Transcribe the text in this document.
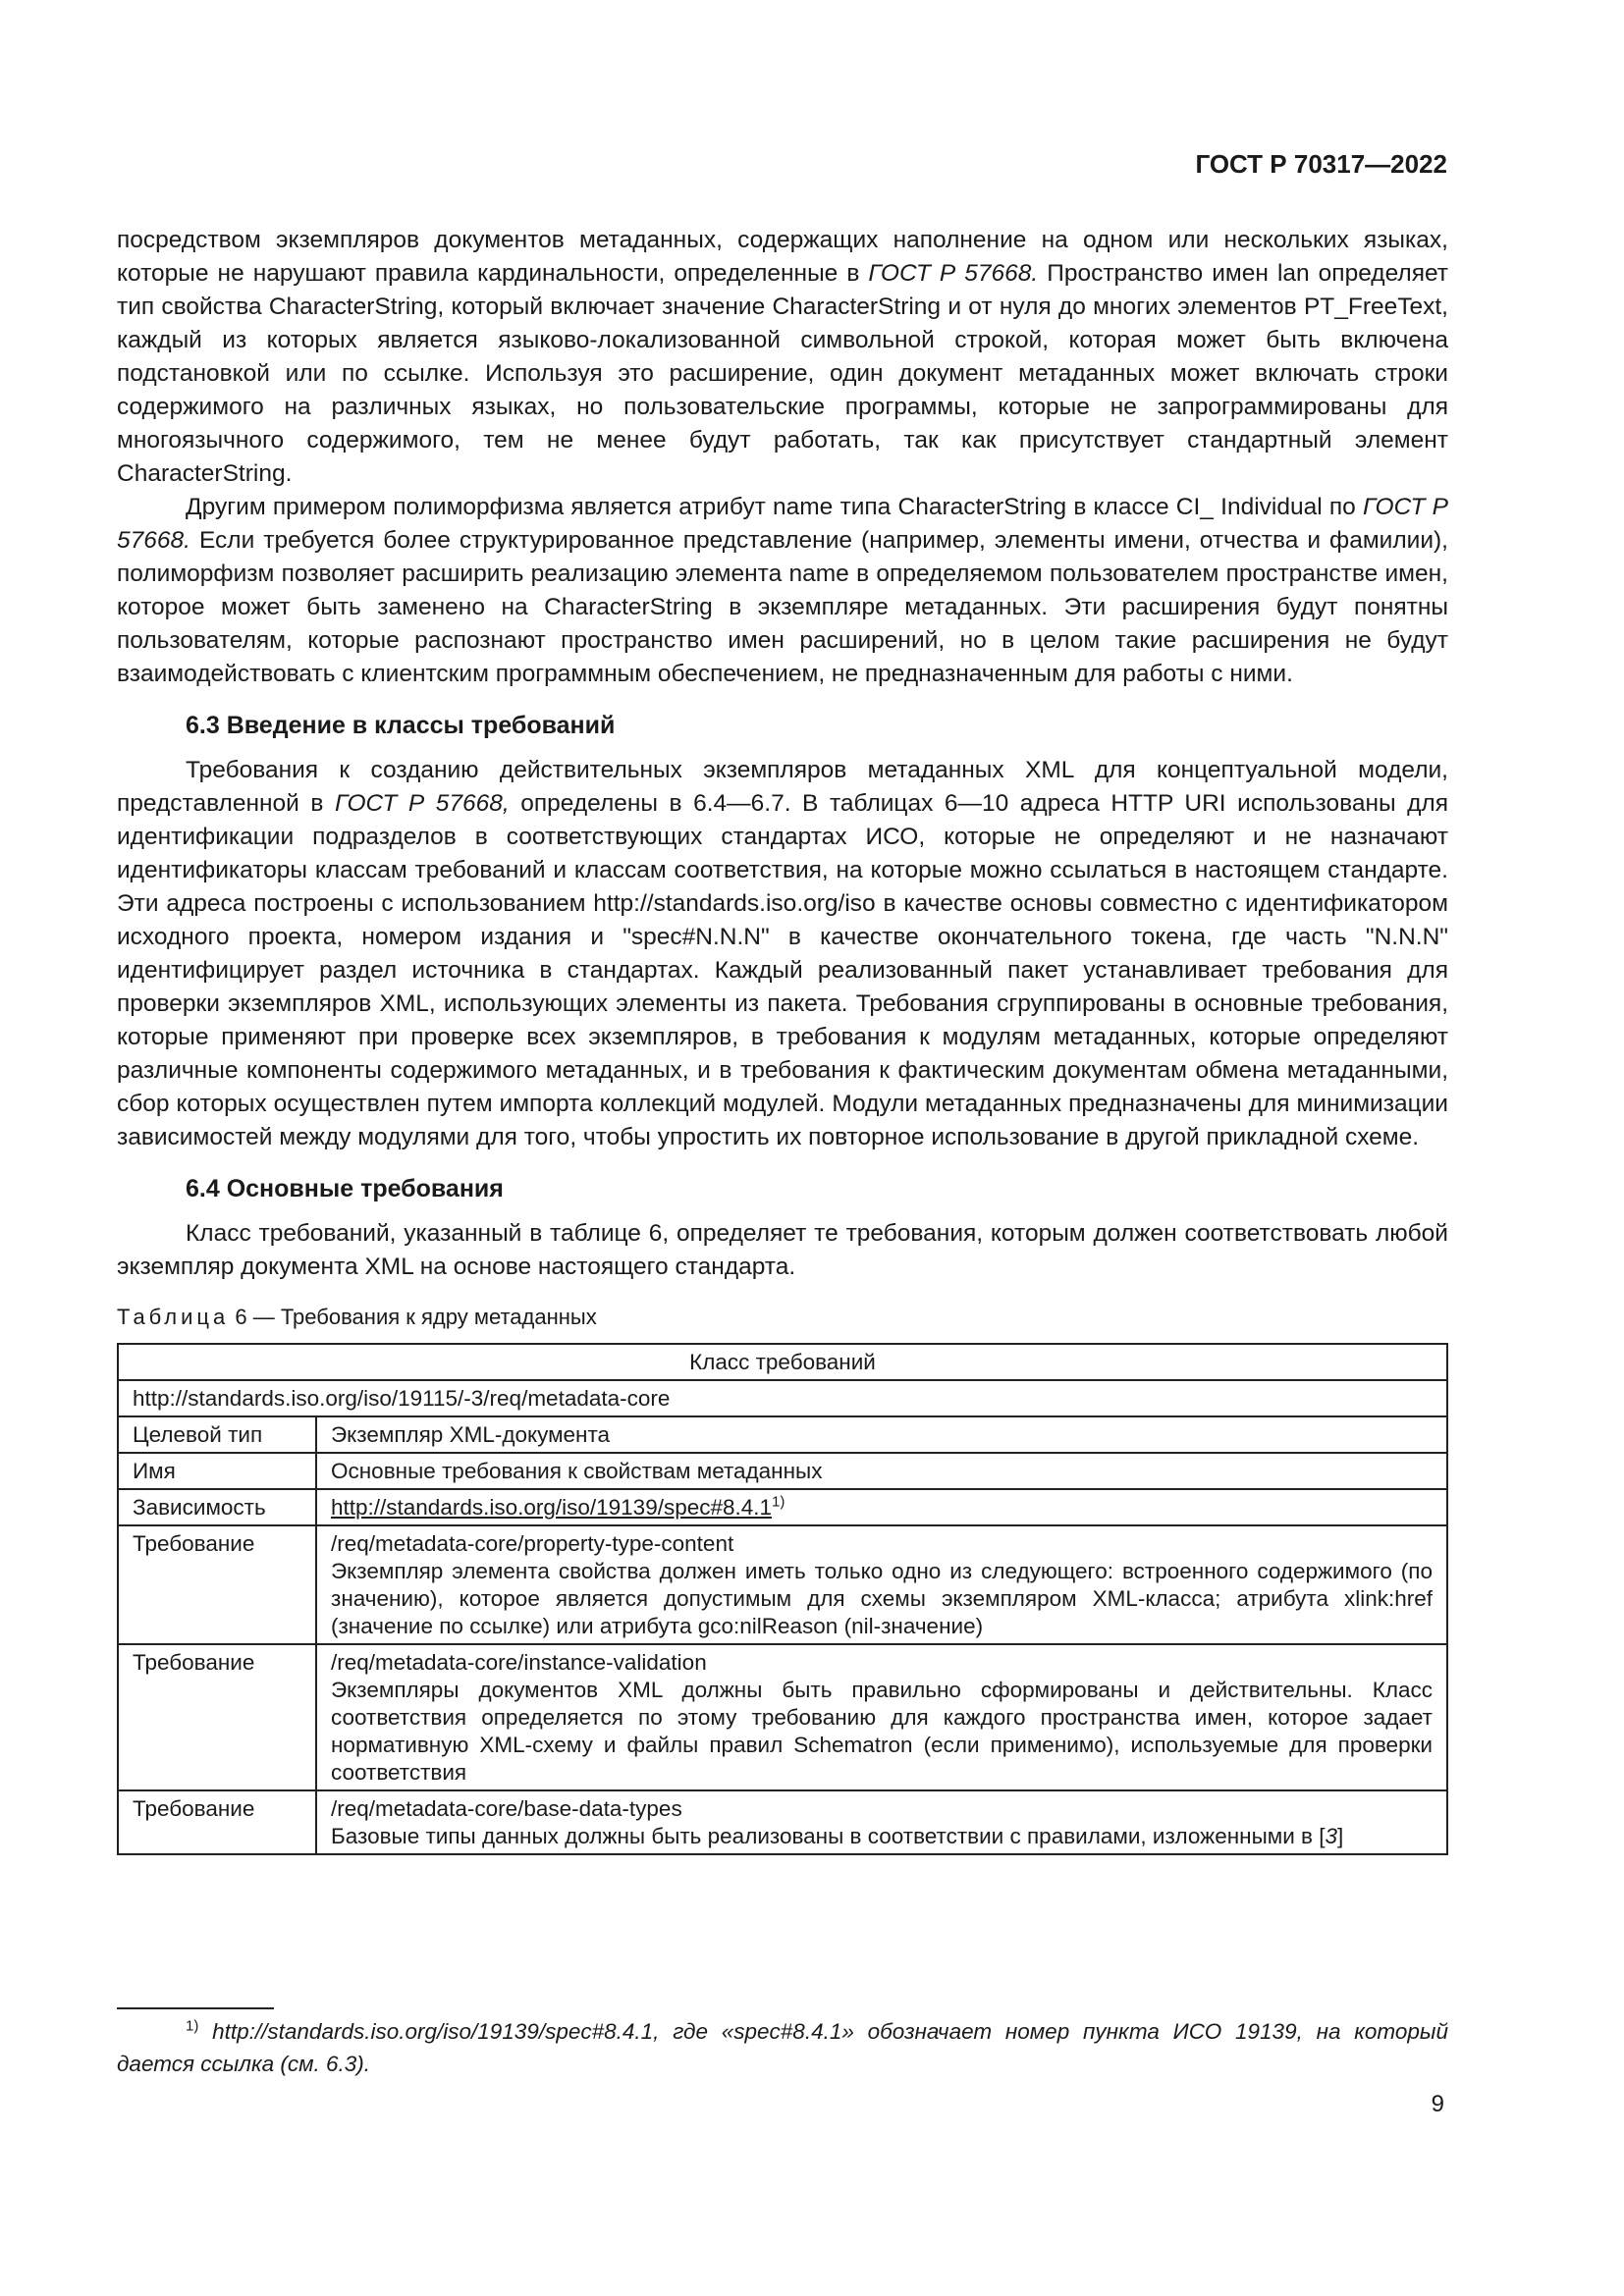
ГОСТ Р 70317—2022

посредством экземпляров документов метаданных, содержащих наполнение на одном или нескольких языках, которые не нарушают правила кардинальности, определенные в ГОСТ Р 57668. Пространство имен lan определяет тип свойства CharacterString, который включает значение CharacterString и от нуля до многих элементов PT_FreeText, каждый из которых является языково-локализованной символьной строкой, которая может быть включена подстановкой или по ссылке. Используя это расширение, один документ метаданных может включать строки содержимого на различных языках, но пользовательские программы, которые не запрограммированы для многоязычного содержимого, тем не менее будут работать, так как присутствует стандартный элемент CharacterString.

Другим примером полиморфизма является атрибут name типа CharacterString в классе CI_ Individual по ГОСТ Р 57668. Если требуется более структурированное представление (например, элементы имени, отчества и фамилии), полиморфизм позволяет расширить реализацию элемента name в определяемом пользователем пространстве имен, которое может быть заменено на CharacterString в экземпляре метаданных. Эти расширения будут понятны пользователям, которые распознают пространство имен расширений, но в целом такие расширения не будут взаимодействовать с клиентским программным обеспечением, не предназначенным для работы с ними.

6.3 Введение в классы требований

Требования к созданию действительных экземпляров метаданных XML для концептуальной модели, представленной в ГОСТ Р 57668, определены в 6.4—6.7. В таблицах 6—10 адреса HTTP URI использованы для идентификации подразделов в соответствующих стандартах ИСО, которые не определяют и не назначают идентификаторы классам требований и классам соответствия, на которые можно ссылаться в настоящем стандарте. Эти адреса построены с использованием http://standards.iso.org/iso в качестве основы совместно с идентификатором исходного проекта, номером издания и "spec#N.N.N" в качестве окончательного токена, где часть "N.N.N" идентифицирует раздел источника в стандартах. Каждый реализованный пакет устанавливает требования для проверки экземпляров XML, использующих элементы из пакета. Требования сгруппированы в основные требования, которые применяют при проверке всех экземпляров, в требования к модулям метаданных, которые определяют различные компоненты содержимого метаданных, и в требования к фактическим документам обмена метаданными, сбор которых осуществлен путем импорта коллекций модулей. Модули метаданных предназначены для минимизации зависимостей между модулями для того, чтобы упростить их повторное использование в другой прикладной схеме.

6.4 Основные требования

Класс требований, указанный в таблице 6, определяет те требования, которым должен соответствовать любой экземпляр документа XML на основе настоящего стандарта.

Таблица 6 — Требования к ядру метаданных

Класс требований	
http://standards.iso.org/iso/19115/-3/req/metadata-core	
Целевой тип	Экземпляр XML-документа
Имя	Основные требования к свойствам метаданных
Зависимость	http://standards.iso.org/iso/19139/spec#8.4.1$^{1)}$
Требование	/req/metadata-core/property-type-content
Экземпляр элемента свойства должен иметь только одно из следующего: встроенного содержимого (по значению), которое является допустимым для схемы экземпляром XML-класса; атрибута xlink:href (значение по ссылке) или атрибута gco:nilReason (nil-значение)

Требование	/req/metadata-core/instance-validation
Экземпляры документов XML должны быть правильно сформированы и действительны. Класс соответствия определяется по этому требованию для каждого пространства имен, которое задает нормативную XML-схему и файлы правил Schematron (если применимо), используемые для проверки соответствия

Требование	/req/metadata-core/base-data-types
Базовые типы данных должны быть реализованы в соответствии с правилами, изложенными в [3]
$^{1)}$ http://standards.iso.org/iso/19139/spec#8.4.1, где «spec#8.4.1» обозначает номер пункта ИСО 19139, на который дается ссылка (см. 6.3).
9
